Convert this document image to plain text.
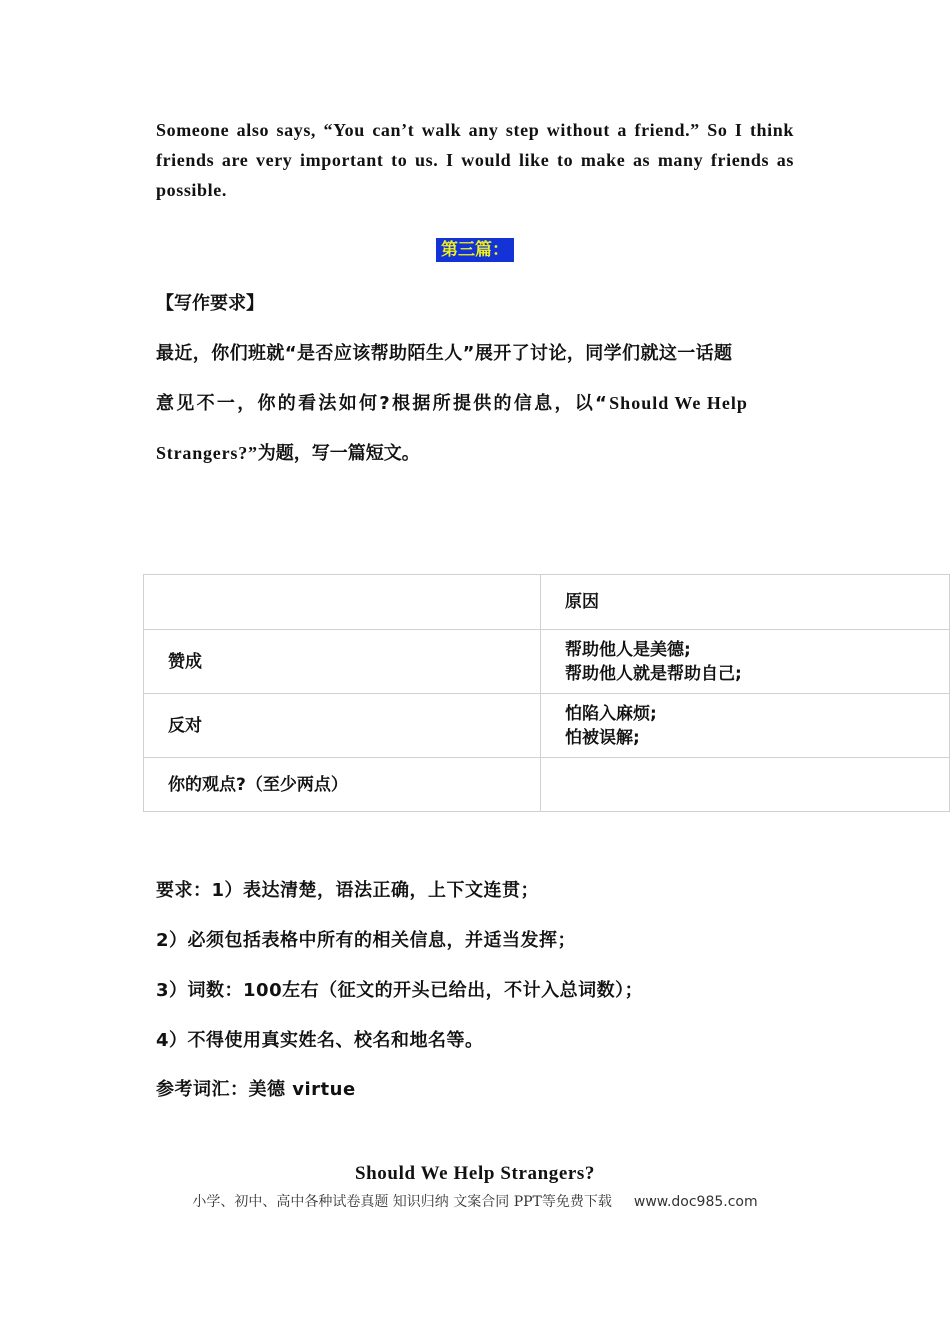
Someone also says, “You can’t walk any step without a friend.” So I think friends are very important to us. I would like to make as many friends as possible.
第三篇：
【写作要求】
最近，你们班就“是否应该帮助陌生人”展开了讨论，同学们就这一话题
意见不一，你的看法如何?根据所提供的信息，以“Should We Help
Strangers?”为题，写一篇短文。
	原因
赞成	帮助他人是美德;
帮助他人就是帮助自己;

反对	怕陷入麻烦;
怕被误解;

你的观点?（至少两点）	
要求：1）表达清楚，语法正确，上下文连贯；
2）必须包括表格中所有的相关信息，并适当发挥；
3）词数：100左右（征文的开头已给出，不计入总词数）；
4）不得使用真实姓名、校名和地名等。
参考词汇：美德 virtue
Should We Help Strangers?
小学、初中、高中各种试卷真题 知识归纳 文案合同 PPT等免费下载 www.doc985.com
